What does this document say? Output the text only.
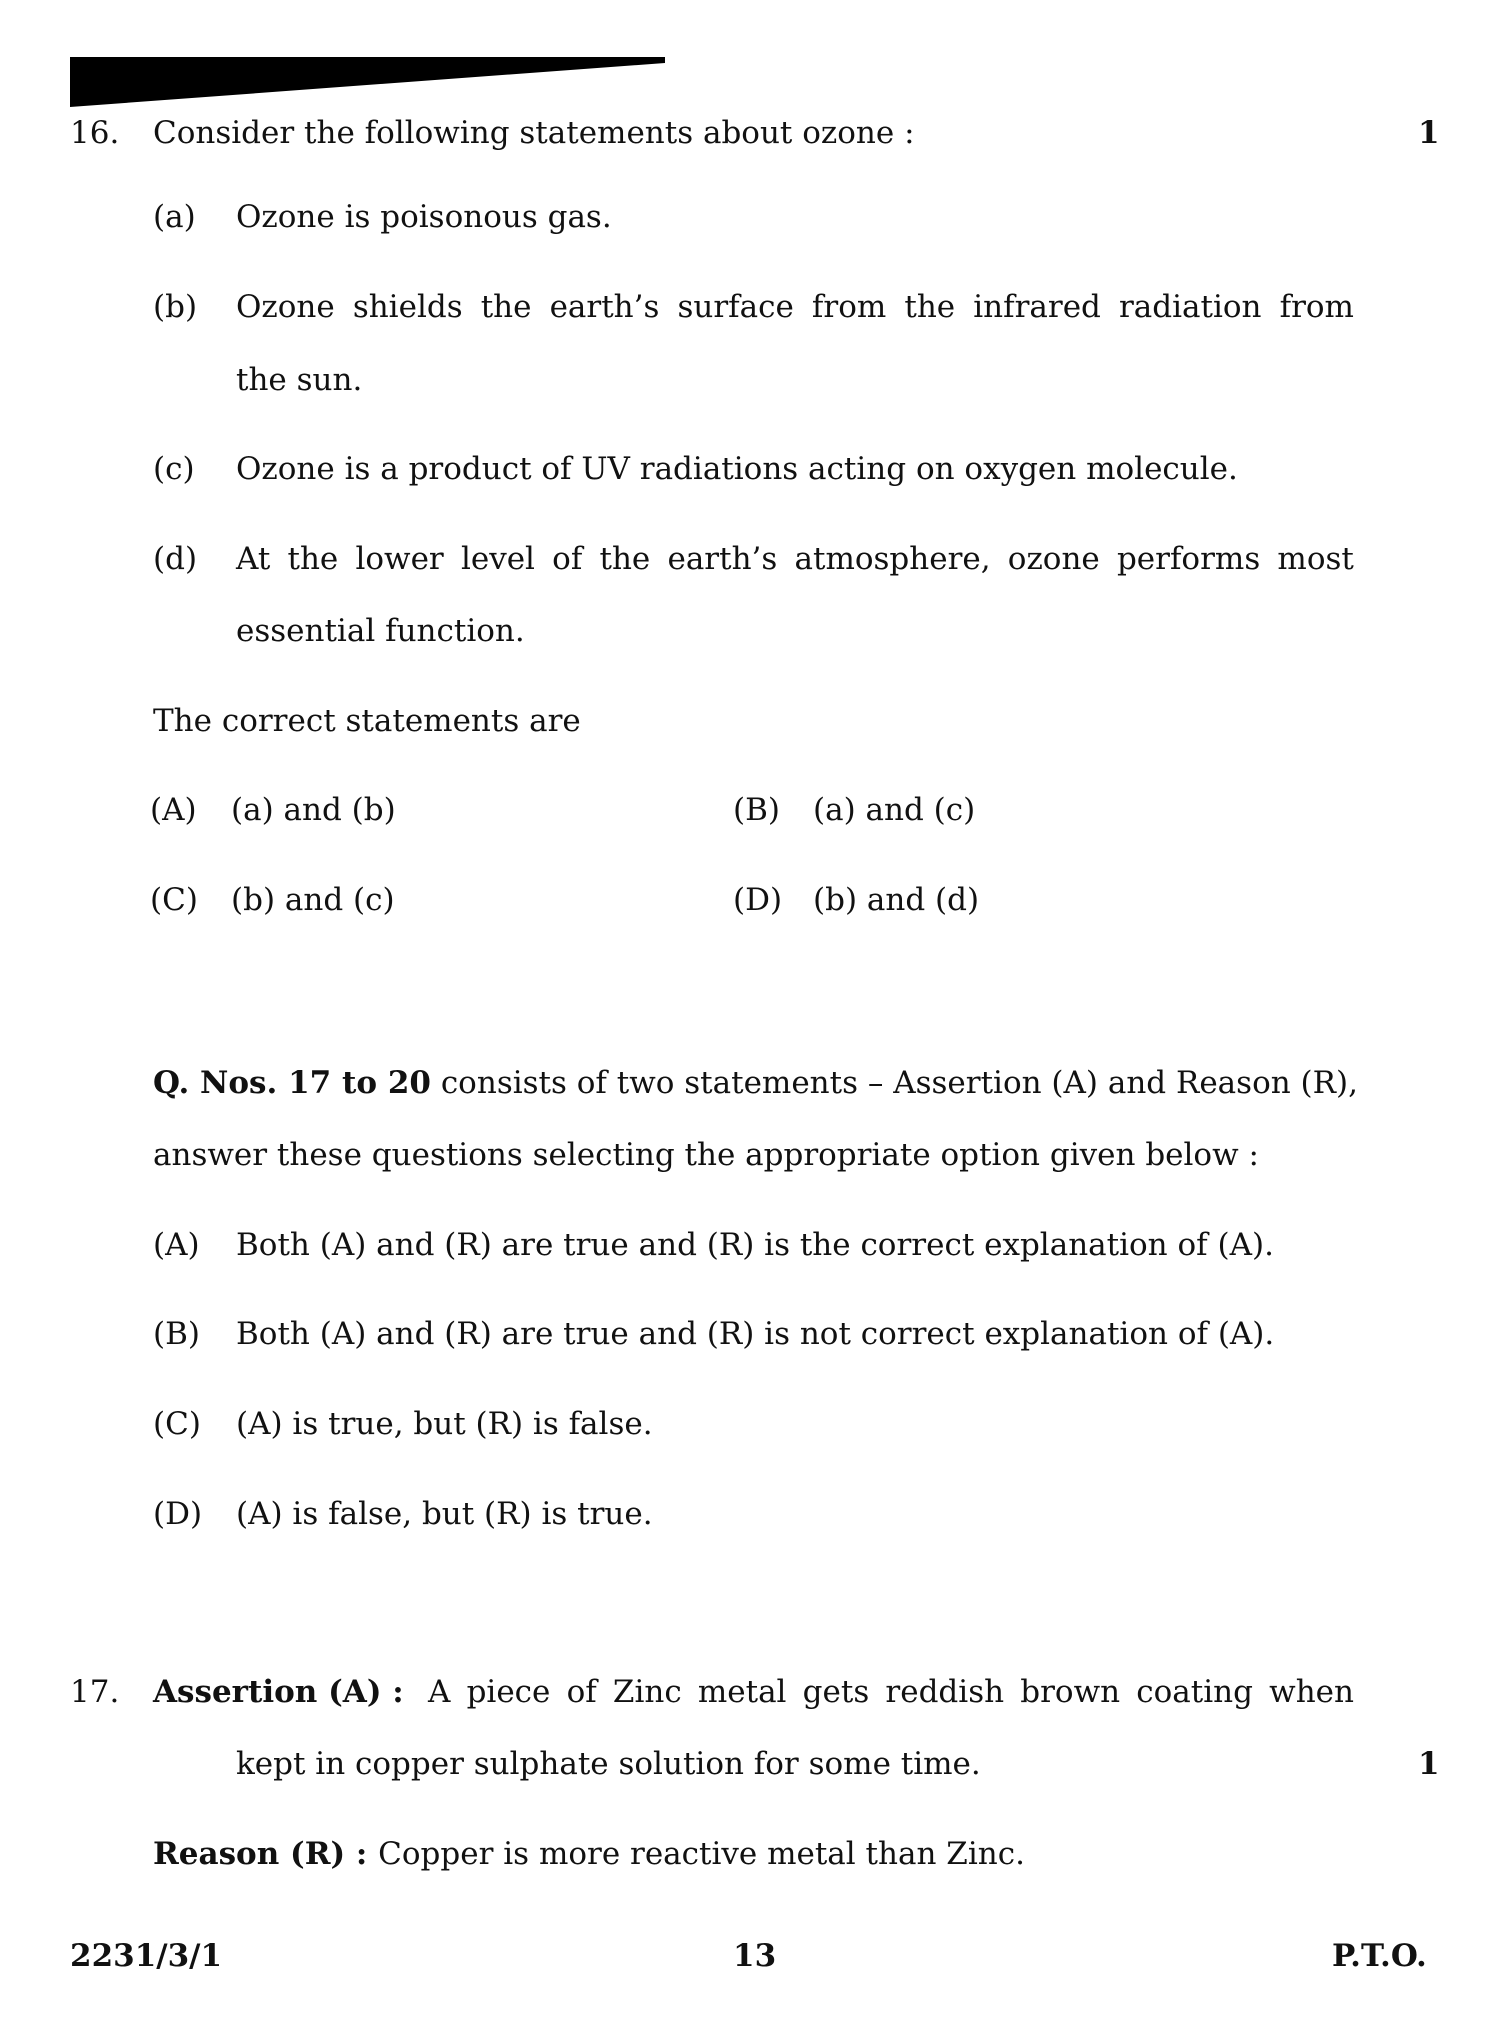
16. Consider the following statements about ozone :	1
(a) Ozone is poisonous gas.
(b) Ozone shields the earth’s surface from the infrared radiation from
the sun.
(c) Ozone is a product of UV radiations acting on oxygen molecule.
(d) At the lower level of the earth’s atmosphere, ozone performs most
essential function.
The correct statements are
(A) (a) and (b)	(B) (a) and (c)
(C) (b) and (c)	(D) (b) and (d)
Q. Nos. 17 to 20 consists of two statements – Assertion (A) and Reason (R),
answer these questions selecting the appropriate option given below :
(A) Both (A) and (R) are true and (R) is the correct explanation of (A).
(B) Both (A) and (R) are true and (R) is not correct explanation of (A).
(C) (A) is true, but (R) is false.
(D) (A) is false, but (R) is true.
17. Assertion (A) : A piece of Zinc metal gets reddish brown coating when
kept in copper sulphate solution for some time.	1
Reason (R) : Copper is more reactive metal than Zinc.
2231/3/1	13	P.T.O.
